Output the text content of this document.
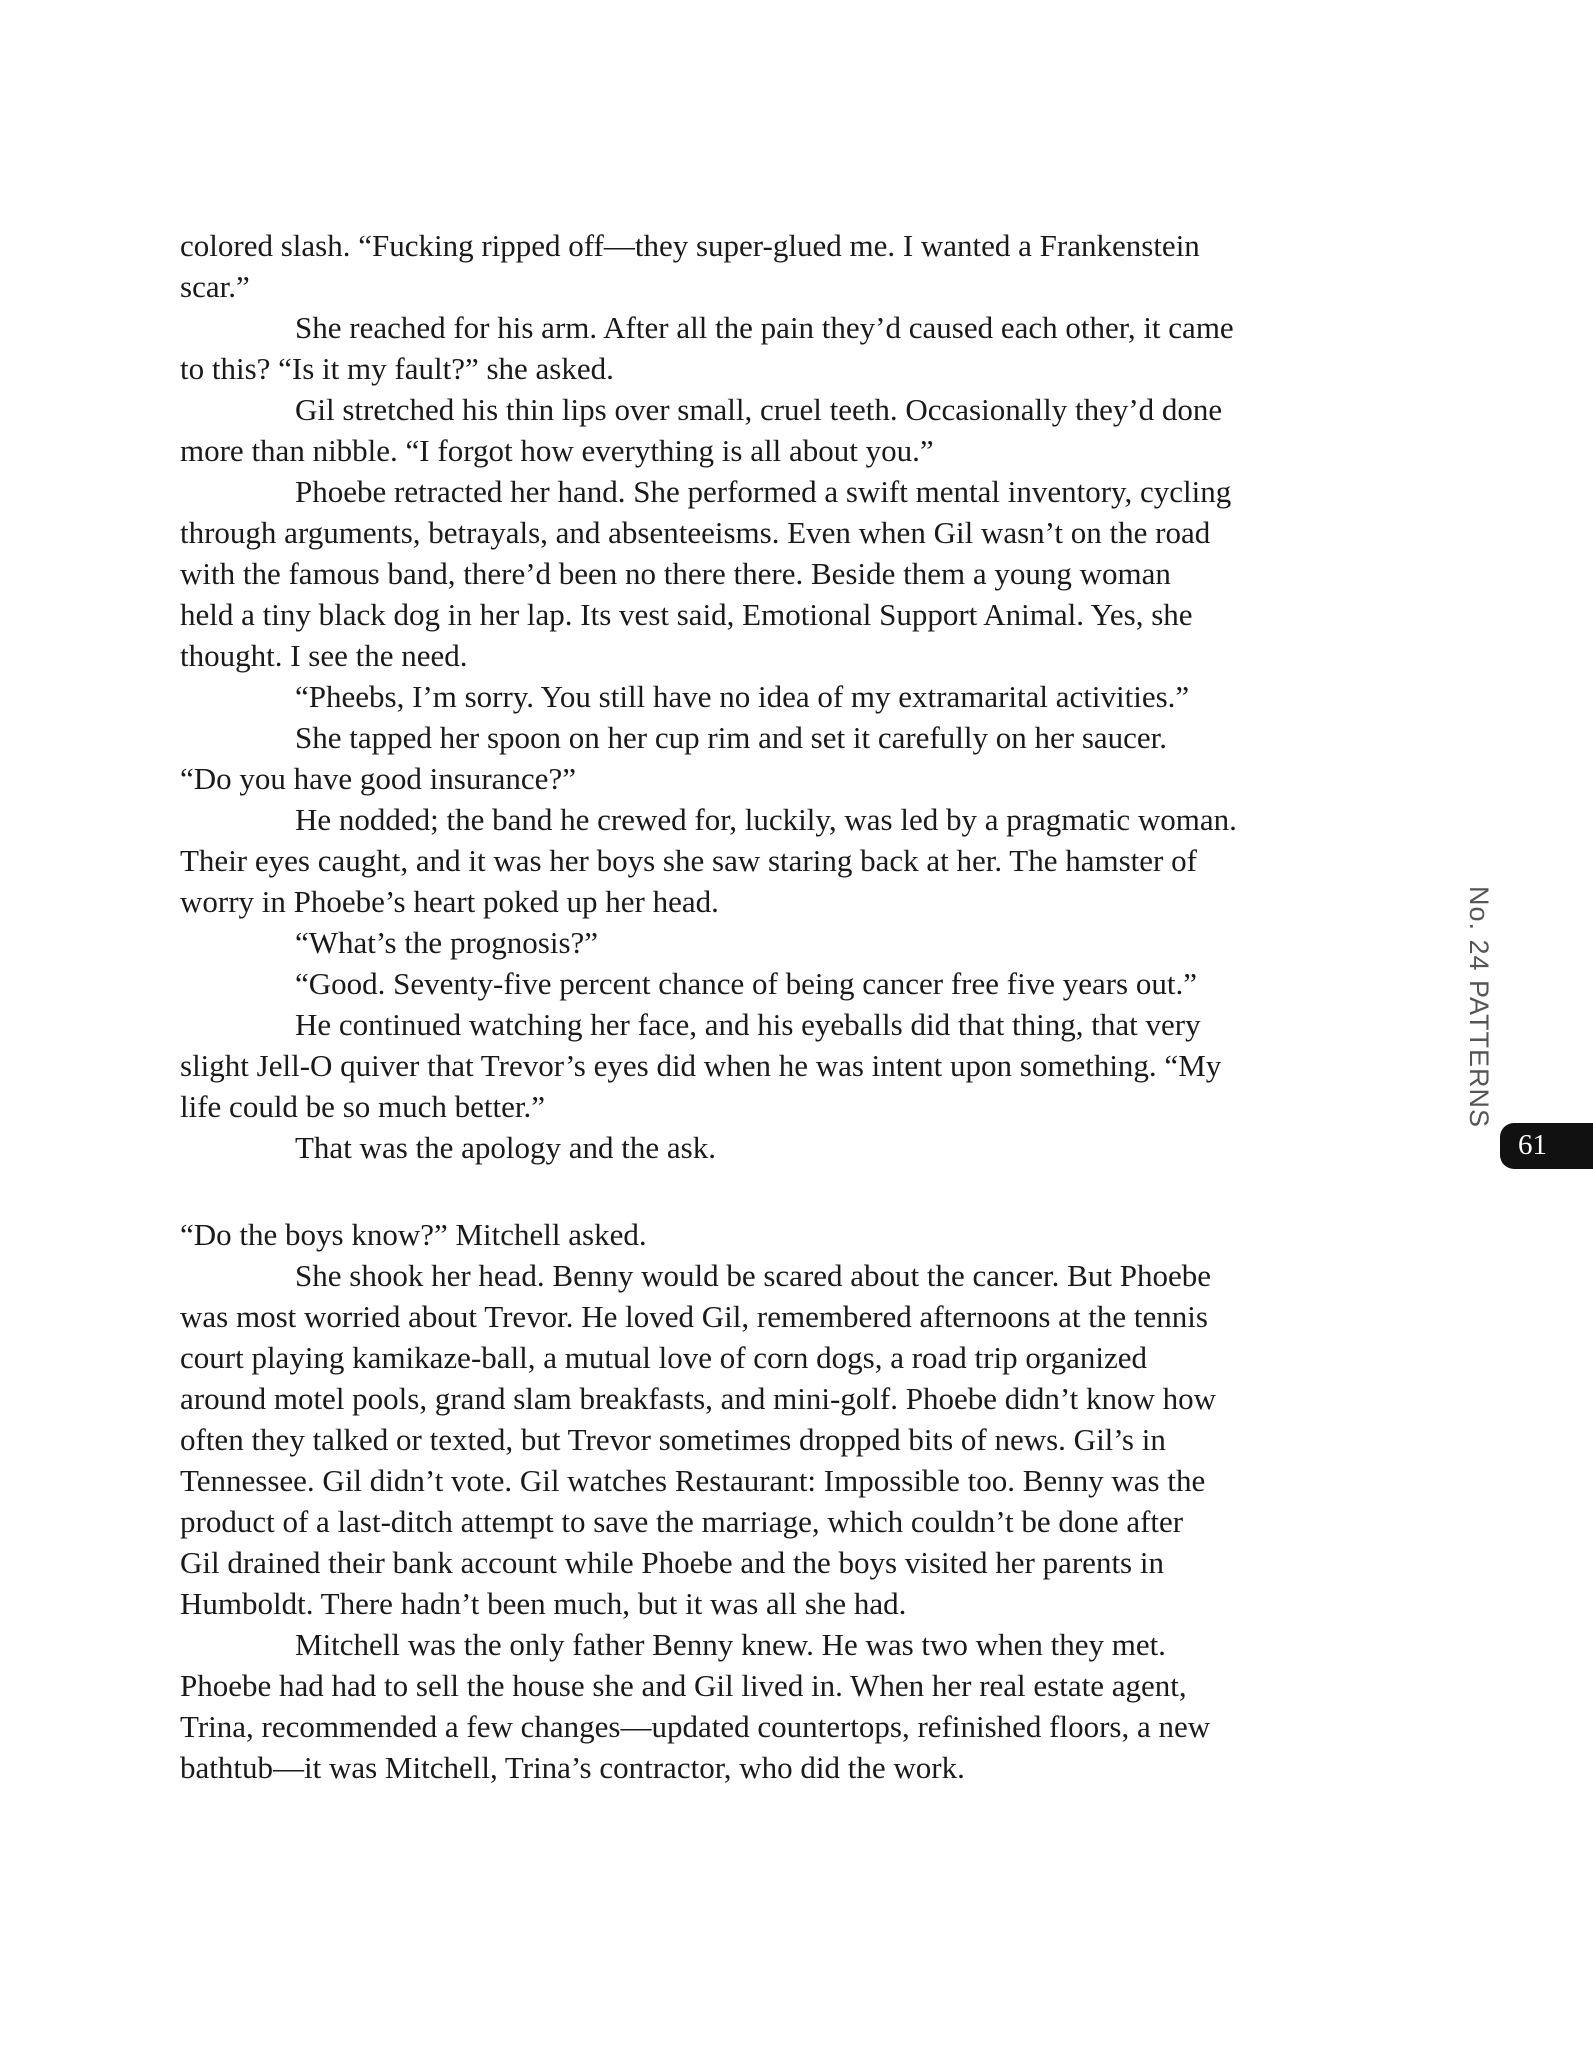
colored slash. “Fucking ripped off—they super-glued me. I wanted a Frankenstein
scar.”
She reached for his arm. After all the pain they’d caused each other, it came
to this? “Is it my fault?” she asked.
Gil stretched his thin lips over small, cruel teeth. Occasionally they’d done
more than nibble. “I forgot how everything is all about you.”
Phoebe retracted her hand. She performed a swift mental inventory, cycling
through arguments, betrayals, and absenteeisms. Even when Gil wasn’t on the road
with the famous band, there’d been no there there. Beside them a young woman
held a tiny black dog in her lap. Its vest said, Emotional Support Animal. Yes, she
thought. I see the need.
“Pheebs, I’m sorry. You still have no idea of my extramarital activities.”
She tapped her spoon on her cup rim and set it carefully on her saucer.
“Do you have good insurance?”
He nodded; the band he crewed for, luckily, was led by a pragmatic woman.
Their eyes caught, and it was her boys she saw staring back at her. The hamster of
worry in Phoebe’s heart poked up her head.
“What’s the prognosis?”
“Good. Seventy-five percent chance of being cancer free five years out.”
He continued watching her face, and his eyeballs did that thing, that very
slight Jell-O quiver that Trevor’s eyes did when he was intent upon something. “My
life could be so much better.”
That was the apology and the ask.
“Do the boys know?” Mitchell asked.
She shook her head. Benny would be scared about the cancer. But Phoebe
was most worried about Trevor. He loved Gil, remembered afternoons at the tennis
court playing kamikaze-ball, a mutual love of corn dogs, a road trip organized
around motel pools, grand slam breakfasts, and mini-golf. Phoebe didn’t know how
often they talked or texted, but Trevor sometimes dropped bits of news. Gil’s in
Tennessee. Gil didn’t vote. Gil watches Restaurant: Impossible too. Benny was the
product of a last-ditch attempt to save the marriage, which couldn’t be done after
Gil drained their bank account while Phoebe and the boys visited her parents in
Humboldt. There hadn’t been much, but it was all she had.
Mitchell was the only father Benny knew. He was two when they met.
Phoebe had had to sell the house she and Gil lived in. When her real estate agent,
Trina, recommended a few changes—updated countertops, refinished floors, a new
bathtub—it was Mitchell, Trina’s contractor, who did the work.
No. 24 PATTERNS
61
